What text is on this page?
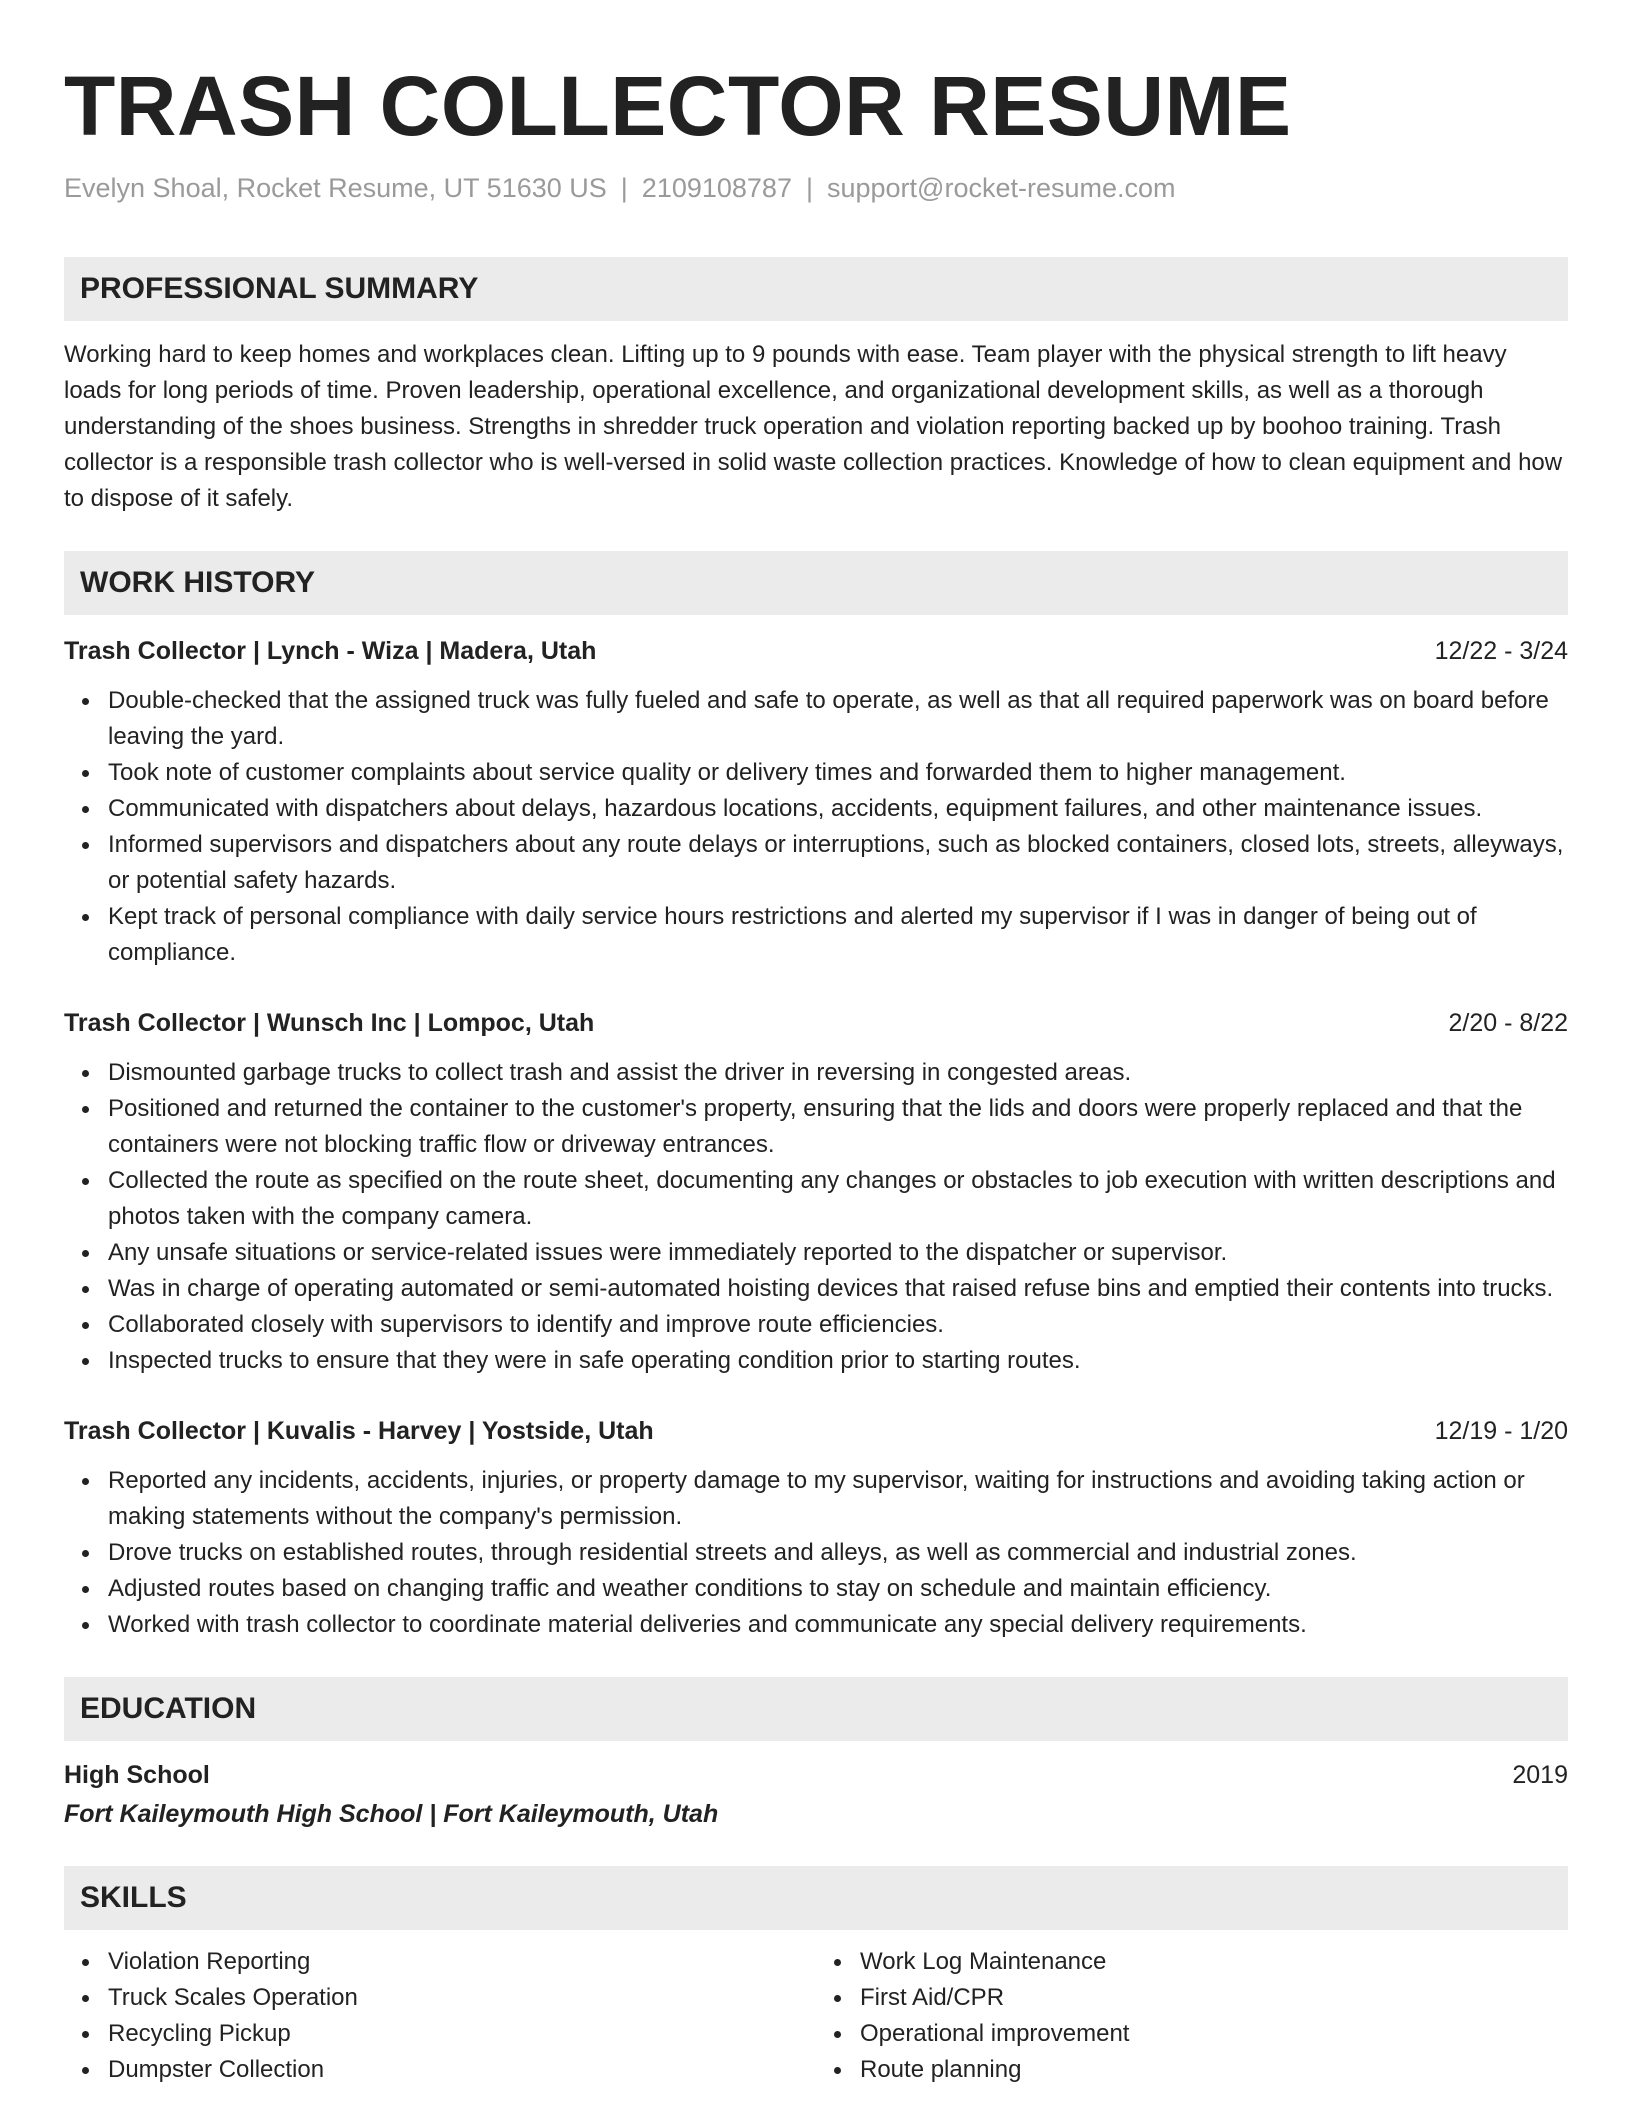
TRASH COLLECTOR RESUME
Evelyn Shoal, Rocket Resume, UT 51630 US | 2109108787 | support@rocket-resume.com
PROFESSIONAL SUMMARY

Working hard to keep homes and workplaces clean. Lifting up to 9 pounds with ease. Team player with the physical strength to lift heavy loads for long periods of time. Proven leadership, operational excellence, and organizational development skills, as well as a thorough understanding of the shoes business. Strengths in shredder truck operation and violation reporting backed up by boohoo training. Trash collector is a responsible trash collector who is well-versed in solid waste collection practices. Knowledge of how to clean equipment and how to dispose of it safely.

WORK HISTORY
Trash Collector | Lynch - Wiza | Madera, Utah	12/22 - 3/24
Double-checked that the assigned truck was fully fueled and safe to operate, as well as that all required paperwork was on board before leaving the yard.
Took note of customer complaints about service quality or delivery times and forwarded them to higher management.
Communicated with dispatchers about delays, hazardous locations, accidents, equipment failures, and other maintenance issues.
Informed supervisors and dispatchers about any route delays or interruptions, such as blocked containers, closed lots, streets, alleyways, or potential safety hazards.
Kept track of personal compliance with daily service hours restrictions and alerted my supervisor if I was in danger of being out of compliance.
Trash Collector | Wunsch Inc | Lompoc, Utah	2/20 - 8/22
Dismounted garbage trucks to collect trash and assist the driver in reversing in congested areas.
Positioned and returned the container to the customer's property, ensuring that the lids and doors were properly replaced and that the containers were not blocking traffic flow or driveway entrances.
Collected the route as specified on the route sheet, documenting any changes or obstacles to job execution with written descriptions and photos taken with the company camera.
Any unsafe situations or service-related issues were immediately reported to the dispatcher or supervisor.
Was in charge of operating automated or semi-automated hoisting devices that raised refuse bins and emptied their contents into trucks.
Collaborated closely with supervisors to identify and improve route efficiencies.
Inspected trucks to ensure that they were in safe operating condition prior to starting routes.
Trash Collector | Kuvalis - Harvey | Yostside, Utah	12/19 - 1/20
Reported any incidents, accidents, injuries, or property damage to my supervisor, waiting for instructions and avoiding taking action or making statements without the company's permission.
Drove trucks on established routes, through residential streets and alleys, as well as commercial and industrial zones.
Adjusted routes based on changing traffic and weather conditions to stay on schedule and maintain efficiency.
Worked with trash collector to coordinate material deliveries and communicate any special delivery requirements.
EDUCATION
High School	2019
Fort Kaileymouth High School | Fort Kaileymouth, Utah
SKILLS
Violation Reporting
Truck Scales Operation
Recycling Pickup
Dumpster Collection
Work Log Maintenance
First Aid/CPR
Operational improvement
Route planning
